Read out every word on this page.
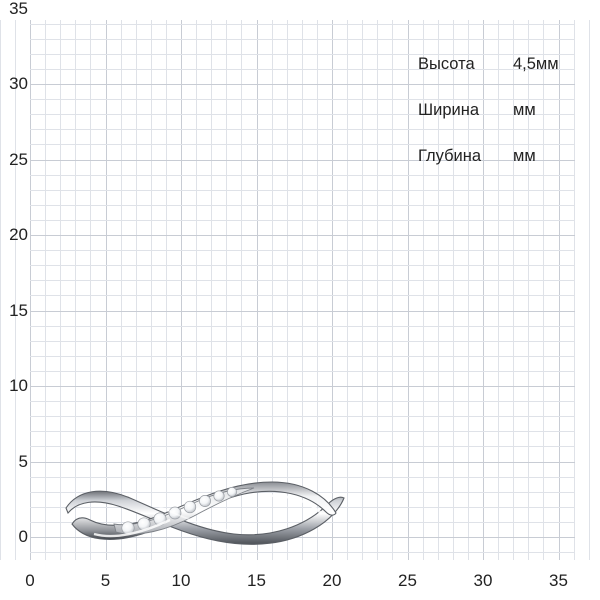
35
30
25
20
15
10
5
0
0	5	10	15	20	25	30	35
Высота 4,5мм
Ширина мм
Глубина мм
